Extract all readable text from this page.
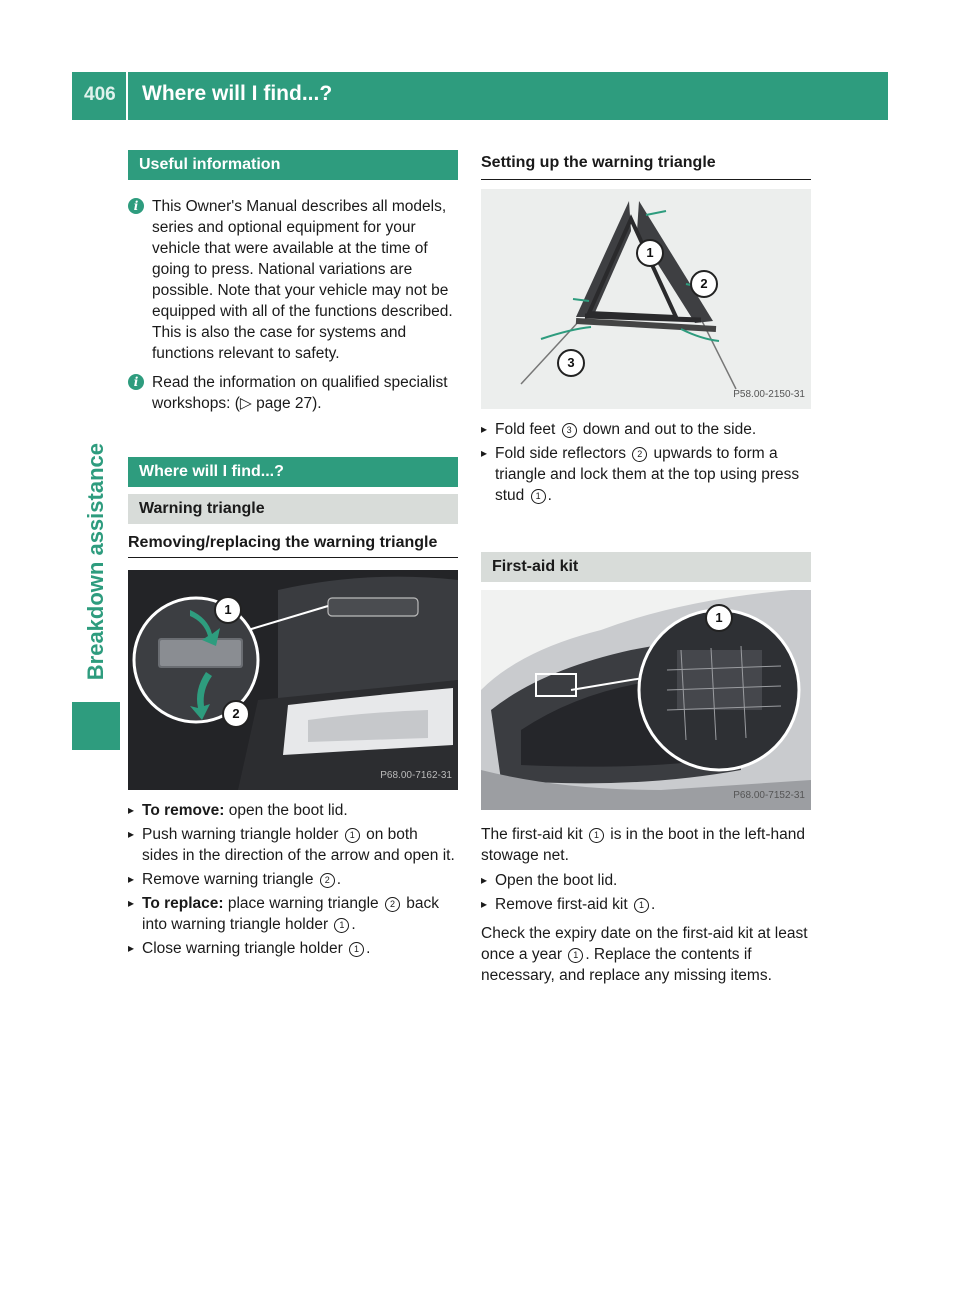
406 Where will I find...?
Breakdown assistance
Useful information
i This Owner's Manual describes all models, series and optional equipment for your vehicle that were available at the time of going to press. National variations are possible. Note that your vehicle may not be equipped with all of the functions described. This is also the case for systems and functions relevant to safety.

i Read the information on qualified specialist workshops: (▷ page 27).

Where will I find...?
Warning triangle
Removing/replacing the warning triangle
1
2
P68.00-7162-31
▸ To remove: open the boot lid.
▸ Push warning triangle holder 1 on both sides in the direction of the arrow and open it.
▸ Remove warning triangle 2 .
▸ To replace: place warning triangle 2 back into warning triangle holder 1 .
▸ Close warning triangle holder 1 .
Setting up the warning triangle
1
2
3
P58.00-2150-31
▸ Fold feet 3 down and out to the side.
▸ Fold side reflectors 2 upwards to form a triangle and lock them at the top using press stud 1 .
First-aid kit
1
P68.00-7152-31

The first-aid kit 1 is in the boot in the left-hand stowage net.

▸ Open the boot lid.
▸ Remove first-aid kit 1 .

Check the expiry date on the first-aid kit at least once a year 1 . Replace the contents if necessary, and replace any missing items.
